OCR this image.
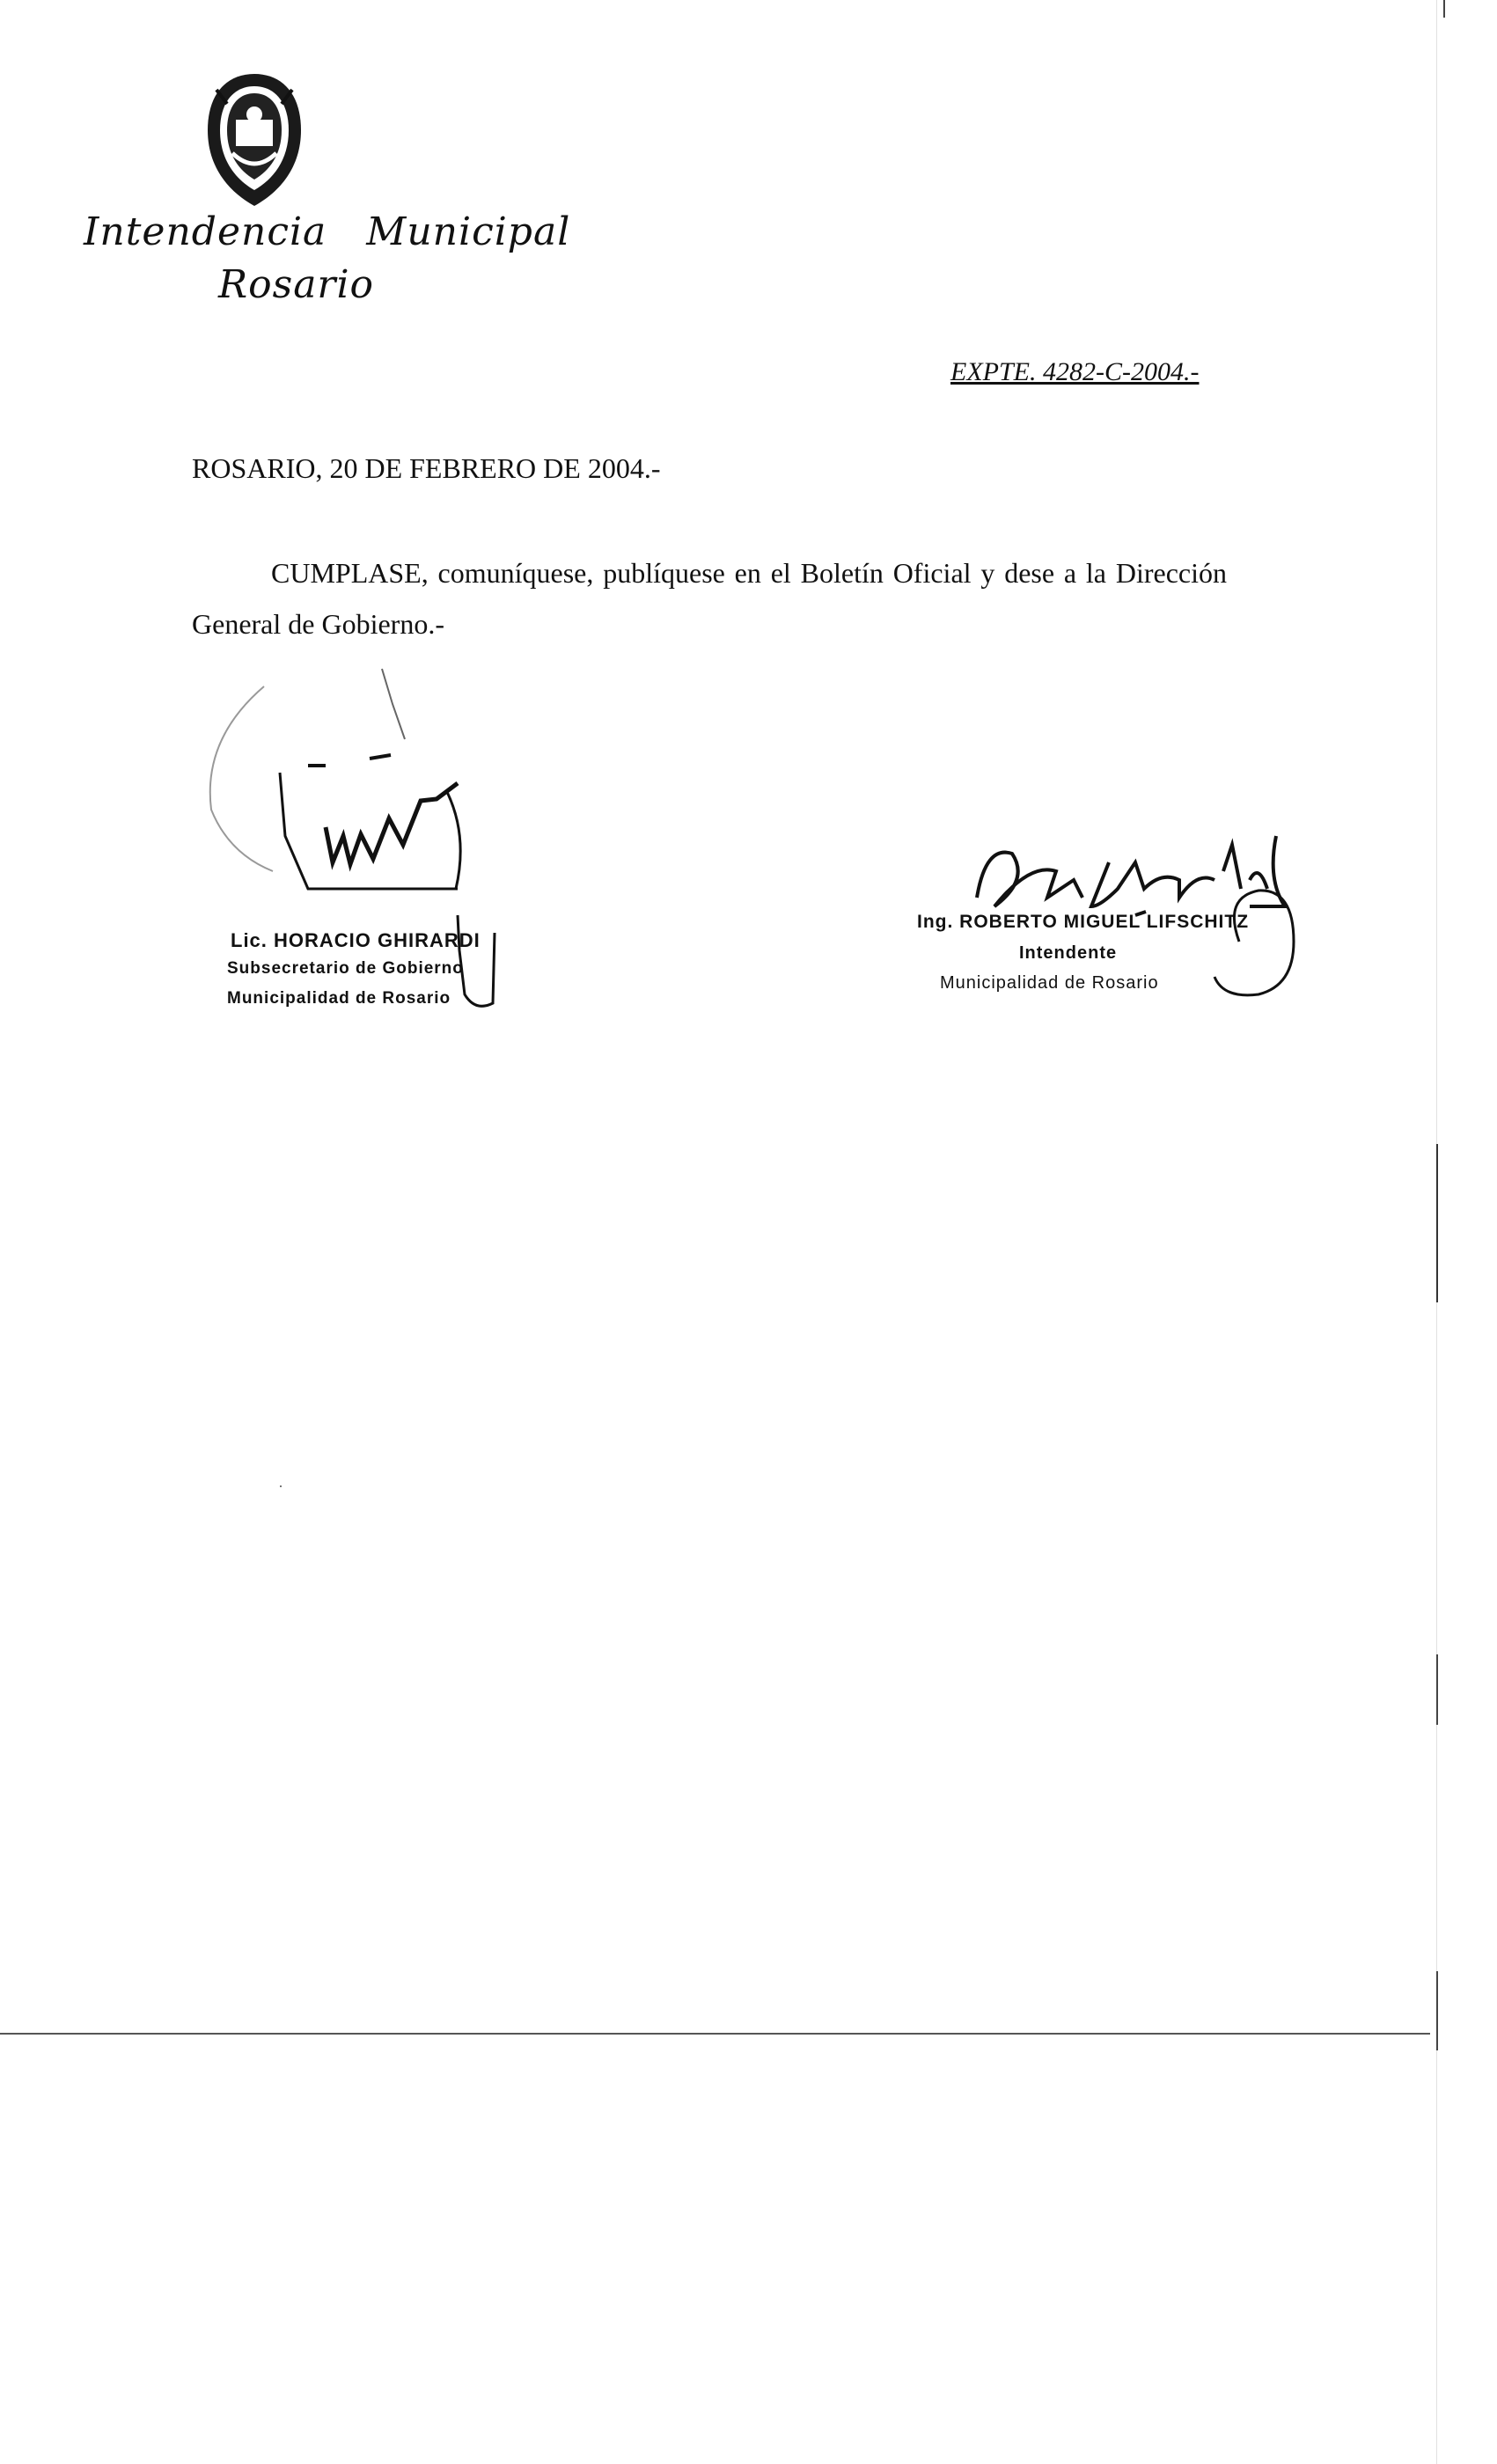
Intendencia Municipal
Rosario
EXPTE. 4282-C-2004.-
ROSARIO, 20 DE FEBRERO DE 2004.-
CUMPLASE, comuníquese, publíquese en el Boletín Oficial y dese a la Dirección General de Gobierno.-
Lic. HORACIO GHIRARDI
Subsecretario de Gobierno
Municipalidad de Rosario
Ing. ROBERTO MIGUEL LIFSCHITZ
Intendente
Municipalidad de Rosario
